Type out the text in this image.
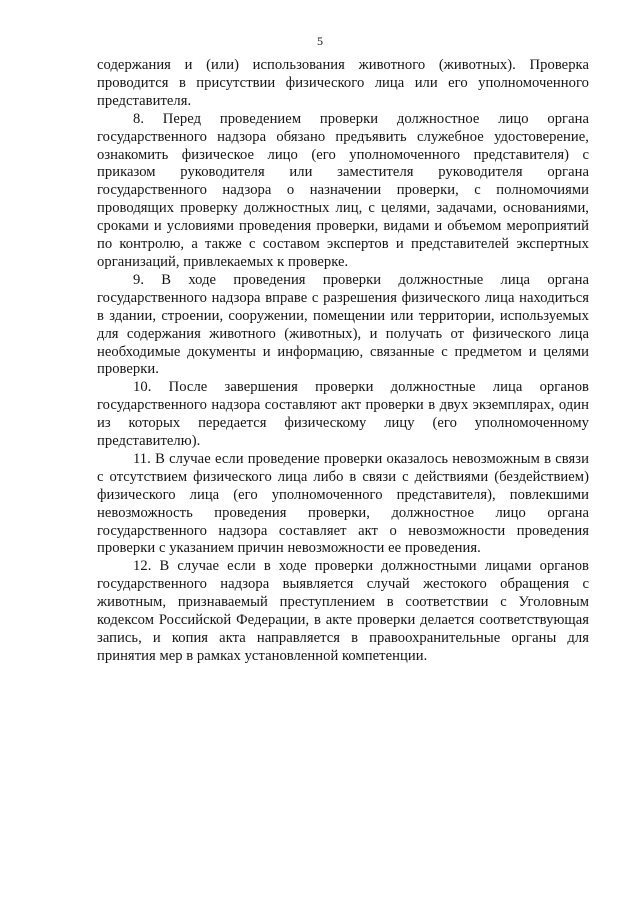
5

содержания и (или) использования животного (животных). Проверка проводится в присутствии физического лица или его уполномоченного представителя.

8. Перед проведением проверки должностное лицо органа государственного надзора обязано предъявить служебное удостоверение, ознакомить физическое лицо (его уполномоченного представителя) с приказом руководителя или заместителя руководителя органа государственного надзора о назначении проверки, с полномочиями проводящих проверку должностных лиц, с целями, задачами, основаниями, сроками и условиями проведения проверки, видами и объемом мероприятий по контролю, а также с составом экспертов и представителей экспертных организаций, привлекаемых к проверке.

9. В ходе проведения проверки должностные лица органа государственного надзора вправе с разрешения физического лица находиться в здании, строении, сооружении, помещении или территории, используемых для содержания животного (животных), и получать от физического лица необходимые документы и информацию, связанные с предметом и целями проверки.

10. После завершения проверки должностные лица органов государственного надзора составляют акт проверки в двух экземплярах, один из которых передается физическому лицу (его уполномоченному представителю).

11. В случае если проведение проверки оказалось невозможным в связи с отсутствием физического лица либо в связи с действиями (бездействием) физического лица (его уполномоченного представителя), повлекшими невозможность проведения проверки, должностное лицо органа государственного надзора составляет акт о невозможности проведения проверки с указанием причин невозможности ее проведения.

12. В случае если в ходе проверки должностными лицами органов государственного надзора выявляется случай жестокого обращения с животным, признаваемый преступлением в соответствии с Уголовным кодексом Российской Федерации, в акте проверки делается соответствующая запись, и копия акта направляется в правоохранительные органы для принятия мер в рамках установленной компетенции.
